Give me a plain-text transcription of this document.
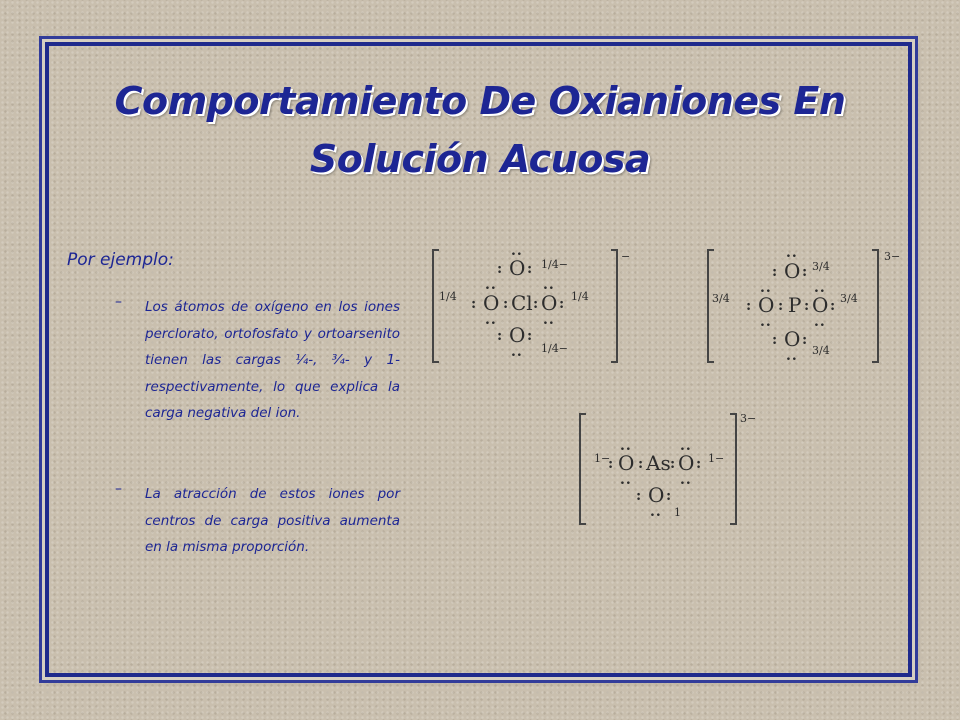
Comportamiento De Oxianiones En
Solución Acuosa

Por ejemplo:

– Los átomos de oxígeno en los iones perclorato, ortofosfato y ortoarsenito tienen las cargas ¼-, ¾- y 1- respectivamente, lo que explica la carga negativa del ion.

– La atracción de estos iones por centros de carga positiva aumenta en la misma proporción.

−
..
O
: : 1/4−
1/4
..
O
:
..
: Cl :
..
O :
..
1/4
O
: :
.. 1/4−
3−
..
O
: : 3/4
3/4
..
O
:
..
: P :
..
O :
..
3/4
O
: :
.. 3/4
3−
1−
..
O
:
..
: As :
..
O :
..
1−
O
: :
.. 1
